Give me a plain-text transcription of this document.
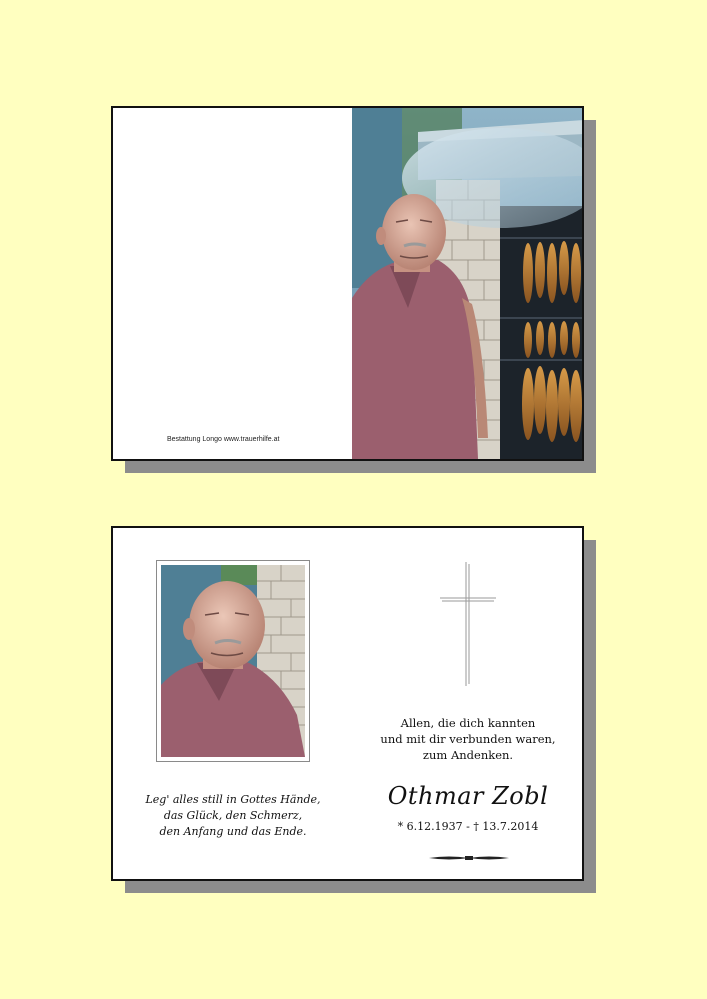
Bestattung Longo www.trauerhilfe.at
Leg' alles still in Gottes Hände,
das Glück, den Schmerz,
den Anfang und das Ende.
Allen, die dich kannten
und mit dir verbunden waren,
zum Andenken.
Othmar Zobl
* 6.12.1937 - † 13.7.2014
